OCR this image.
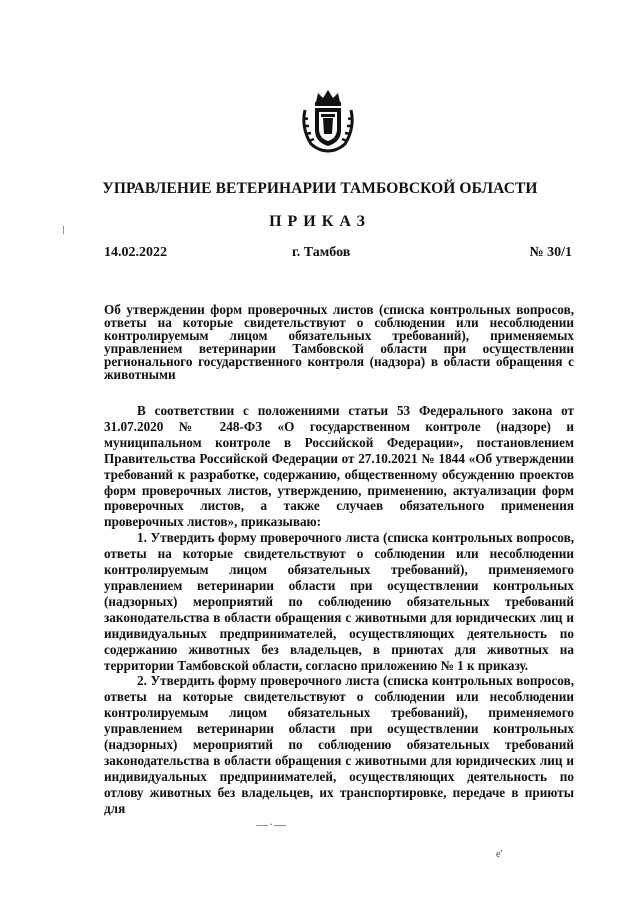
УПРАВЛЕНИЕ ВЕТЕРИНАРИИ ТАМБОВСКОЙ ОБЛАСТИ
ПРИКАЗ
14.02.2022	г. Тамбов	№ 30/1
Об утверждении форм проверочных листов (списка контрольных вопросов, ответы на которые свидетельствуют о соблюдении или несоблюдении контролируемым лицом обязательных требований), применяемых управлением ветеринарии Тамбовской области при осуществлении регионального государственного контроля (надзора) в области обращения с животными

В соответствии с положениями статьи 53 Федерального закона от 31.07.2020 № 248-ФЗ «О государственном контроле (надзоре) и муниципальном контроле в Российской Федерации», постановлением Правительства Российской Федерации от 27.10.2021 № 1844 «Об утверждении требований к разработке, содержанию, общественному обсуждению проектов форм проверочных листов, утверждению, применению, актуализации форм проверочных листов, а также случаев обязательного применения проверочных листов», приказываю:

1. Утвердить форму проверочного листа (списка контрольных вопросов, ответы на которые свидетельствуют о соблюдении или несоблюдении контролируемым лицом обязательных требований), применяемого управлением ветеринарии области при осуществлении контрольных (надзорных) мероприятий по соблюдению обязательных требований законодательства в области обращения с животными для юридических лиц и индивидуальных предпринимателей, осуществляющих деятельность по содержанию животных без владельцев, в приютах для животных на территории Тамбовской области, согласно приложению № 1 к приказу.

2. Утвердить форму проверочного листа (списка контрольных вопросов, ответы на которые свидетельствуют о соблюдении или несоблюдении контролируемым лицом обязательных требований), применяемого управлением ветеринарии области при осуществлении контрольных (надзорных) мероприятий по соблюдению обязательных требований законодательства в области обращения с животными для юридических лиц и индивидуальных предпринимателей, осуществляющих деятельность по отлову животных без владельцев, их транспортировке, передаче в приюты для

/
—·—
е'
